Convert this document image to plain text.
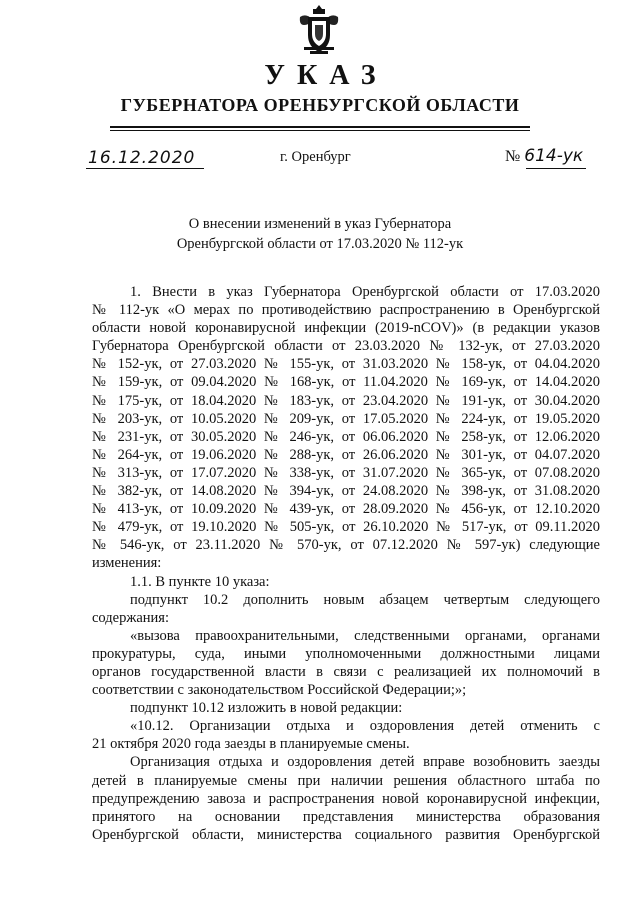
УКАЗ
ГУБЕРНАТОРА ОРЕНБУРГСКОЙ ОБЛАСТИ
16.12.2020	г. Оренбург	№ 614-ук
О внесении изменений в указ Губернатора
Оренбургской области от 17.03.2020 № 112-ук
1. Внести в указ Губернатора Оренбургской области от 17.03.2020
№ 112-ук «О мерах по противодействию распространению в Оренбургской
области новой коронавирусной инфекции (2019-nCOV)» (в редакции указов
Губернатора Оренбургской области от 23.03.2020 № 132-ук, от 27.03.2020
№ 152-ук, от 27.03.2020 № 155-ук, от 31.03.2020 № 158-ук, от 04.04.2020
№ 159-ук, от 09.04.2020 № 168-ук, от 11.04.2020 № 169-ук, от 14.04.2020
№ 175-ук, от 18.04.2020 № 183-ук, от 23.04.2020 № 191-ук, от 30.04.2020
№ 203-ук, от 10.05.2020 № 209-ук, от 17.05.2020 № 224-ук, от 19.05.2020
№ 231-ук, от 30.05.2020 № 246-ук, от 06.06.2020 № 258-ук, от 12.06.2020
№ 264-ук, от 19.06.2020 № 288-ук, от 26.06.2020 № 301-ук, от 04.07.2020
№ 313-ук, от 17.07.2020 № 338-ук, от 31.07.2020 № 365-ук, от 07.08.2020
№ 382-ук, от 14.08.2020 № 394-ук, от 24.08.2020 № 398-ук, от 31.08.2020
№ 413-ук, от 10.09.2020 № 439-ук, от 28.09.2020 № 456-ук, от 12.10.2020
№ 479-ук, от 19.10.2020 № 505-ук, от 26.10.2020 № 517-ук, от 09.11.2020
№ 546-ук, от 23.11.2020 № 570-ук, от 07.12.2020 № 597-ук) следующие
изменения:
1.1. В пункте 10 указа:
подпункт 10.2 дополнить новым абзацем четвертым следующего
содержания:
«вызова правоохранительными, следственными органами, органами
прокуратуры, суда, иными уполномоченными должностными лицами
органов государственной власти в связи с реализацией их полномочий в
соответствии с законодательством Российской Федерации;»;
подпункт 10.12 изложить в новой редакции:
«10.12. Организации отдыха и оздоровления детей отменить с
21 октября 2020 года заезды в планируемые смены.
Организация отдыха и оздоровления детей вправе возобновить заезды
детей в планируемые смены при наличии решения областного штаба по
предупреждению завоза и распространения новой коронавирусной инфекции,
принятого на основании представления министерства образования
Оренбургской области, министерства социального развития Оренбургской
